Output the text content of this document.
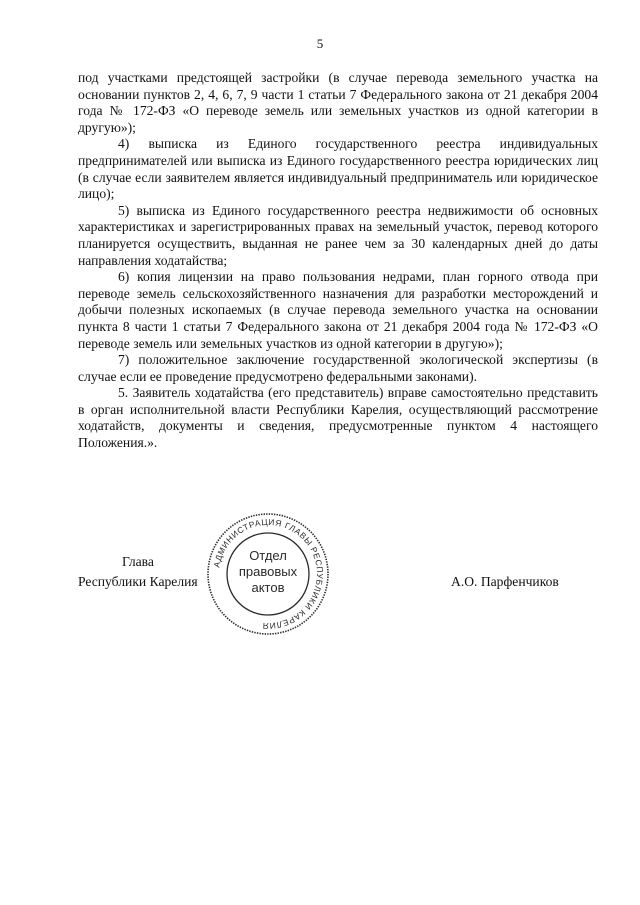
5

под участками предстоящей застройки (в случае перевода земельного участка на основании пунктов 2, 4, 6, 7, 9 части 1 статьи 7 Федерального закона от 21 декабря 2004 года № 172-ФЗ «О переводе земель или земельных участков из одной категории в другую»);

4) выписка из Единого государственного реестра индивидуальных предпринимателей или выписка из Единого государственного реестра юридических лиц (в случае если заявителем является индивидуальный предприниматель или юридическое лицо);

5) выписка из Единого государственного реестра недвижимости об основных характеристиках и зарегистрированных правах на земельный участок, перевод которого планируется осуществить, выданная не ранее чем за 30 календарных дней до даты направления ходатайства;

6) копия лицензии на право пользования недрами, план горного отвода при переводе земель сельскохозяйственного назначения для разработки месторождений и добычи полезных ископаемых (в случае перевода земельного участка на основании пункта 8 части 1 статьи 7 Федерального закона от 21 декабря 2004 года № 172-ФЗ «О переводе земель или земельных участков из одной категории в другую»);

7) положительное заключение государственной экологической экспертизы (в случае если ее проведение предусмотрено федеральными законами).

5. Заявитель ходатайства (его представитель) вправе самостоятельно представить в орган исполнительной власти Республики Карелия, осуществляющий рассмотрение ходатайств, документы и сведения, предусмотренные пунктом 4 настоящего Положения.».

Глава
Республики Карелия
АДМИНИСТРАЦИЯ ГЛАВЫ РЕСПУБЛИКИ КАРЕЛИЯ
Отдел
правовых
актов	А.О. Парфенчиков
